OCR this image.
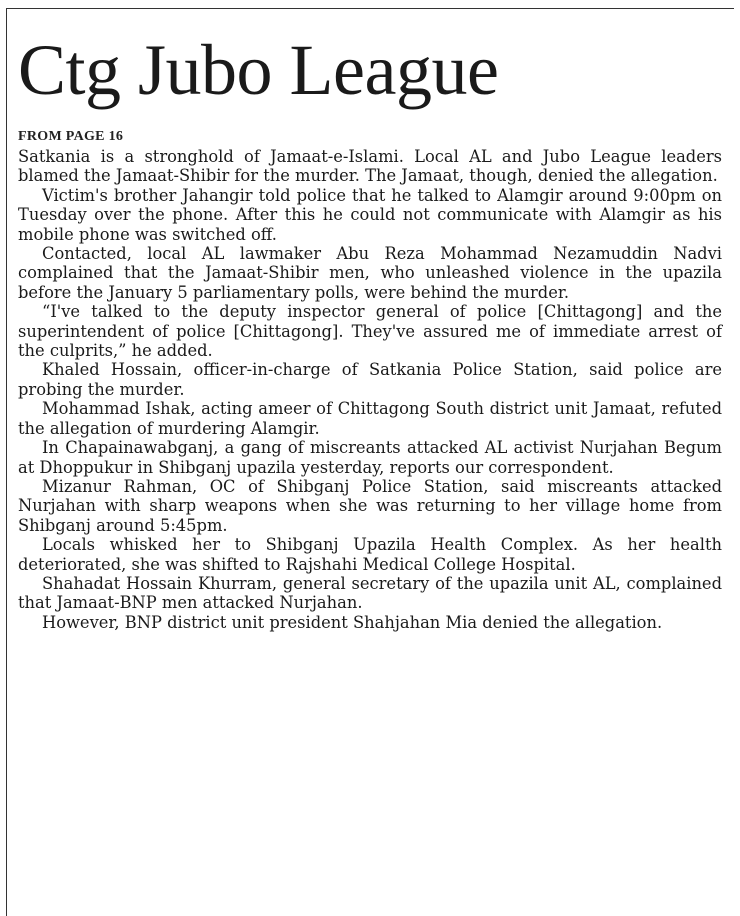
Ctg Jubo League
FROM PAGE 16

Satkania is a stronghold of Jamaat-e-Islami. Local AL and Jubo League leaders blamed the Jamaat-Shibir for the murder. The Jamaat, though, denied the allegation.

Victim's brother Jahangir told police that he talked to Alamgir around 9:00pm on Tuesday over the phone. After this he could not communicate with Alamgir as his mobile phone was switched off.

Contacted, local AL lawmaker Abu Reza Mohammad Nezamuddin Nadvi complained that the Jamaat-Shibir men, who unleashed violence in the upazila before the January 5 parliamentary polls, were behind the murder.

“I've talked to the deputy inspector general of police [Chittagong] and the superintendent of police [Chittagong]. They've assured me of immediate arrest of the culprits,” he added.

Khaled Hossain, officer-in-charge of Satkania Police Station, said police are probing the murder.

Mohammad Ishak, acting ameer of Chittagong South district unit Jamaat, refuted the allegation of murdering Alamgir.

In Chapainawabganj, a gang of miscreants attacked AL activist Nurjahan Begum at Dhoppukur in Shibganj upazila yesterday, reports our correspondent.

Mizanur Rahman, OC of Shibganj Police Station, said miscreants attacked Nurjahan with sharp weapons when she was returning to her village home from Shibganj around 5:45pm.

Locals whisked her to Shibganj Upazila Health Complex. As her health deteriorated, she was shifted to Rajshahi Medical College Hospital.

Shahadat Hossain Khurram, general secretary of the upazila unit AL, complained that Jamaat-BNP men attacked Nurjahan.

However, BNP district unit president Shahjahan Mia denied the allegation.
